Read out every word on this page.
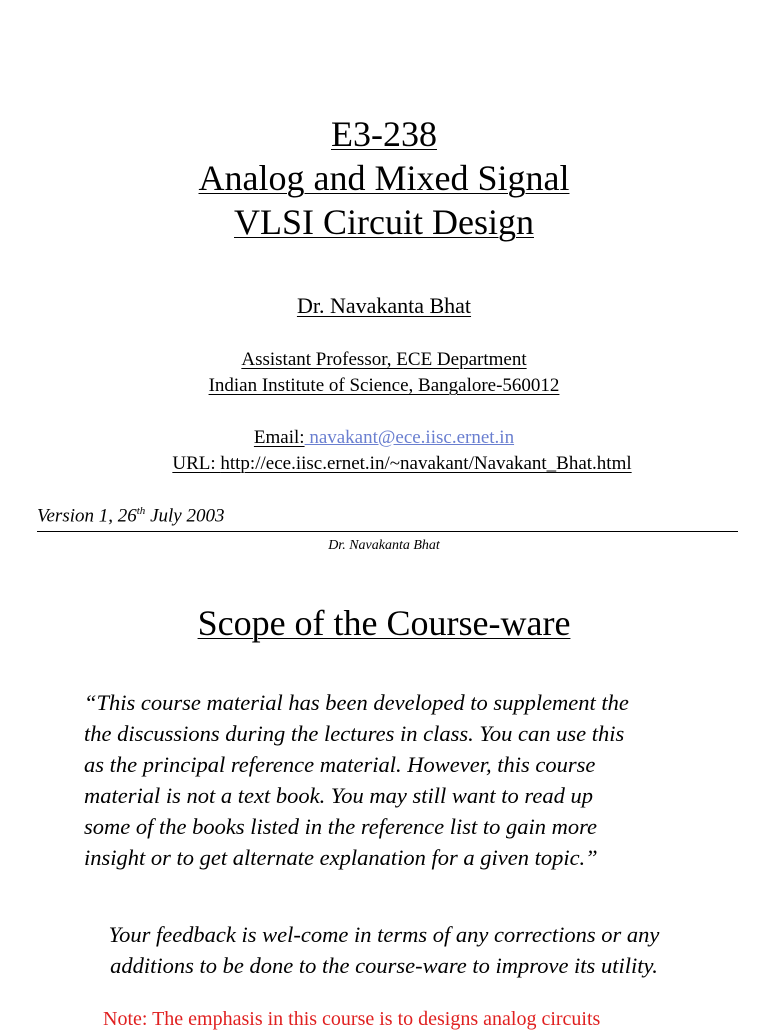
E3-238
Analog and Mixed Signal
VLSI Circuit Design
Dr. Navakanta Bhat
Assistant Professor, ECE Department
Indian Institute of Science, Bangalore-560012
Email: navakant@ece.iisc.ernet.in
URL: http://ece.iisc.ernet.in/~navakant/Navakant_Bhat.html
Version 1, 26th July 2003
Dr. Navakanta Bhat
Scope of the Course-ware

“This course material has been developed to supplement the

the discussions during the lectures in class. You can use this

as the principal reference material. However, this course

material is not a text book. You may still want to read up

some of the books listed in the reference list to gain more

insight or to get alternate explanation for a given topic.”

Your feedback is wel-come in terms of any corrections or any

additions to be done to the course-ware to improve its utility.

Note: The emphasis in this course is to designs analog circuits
